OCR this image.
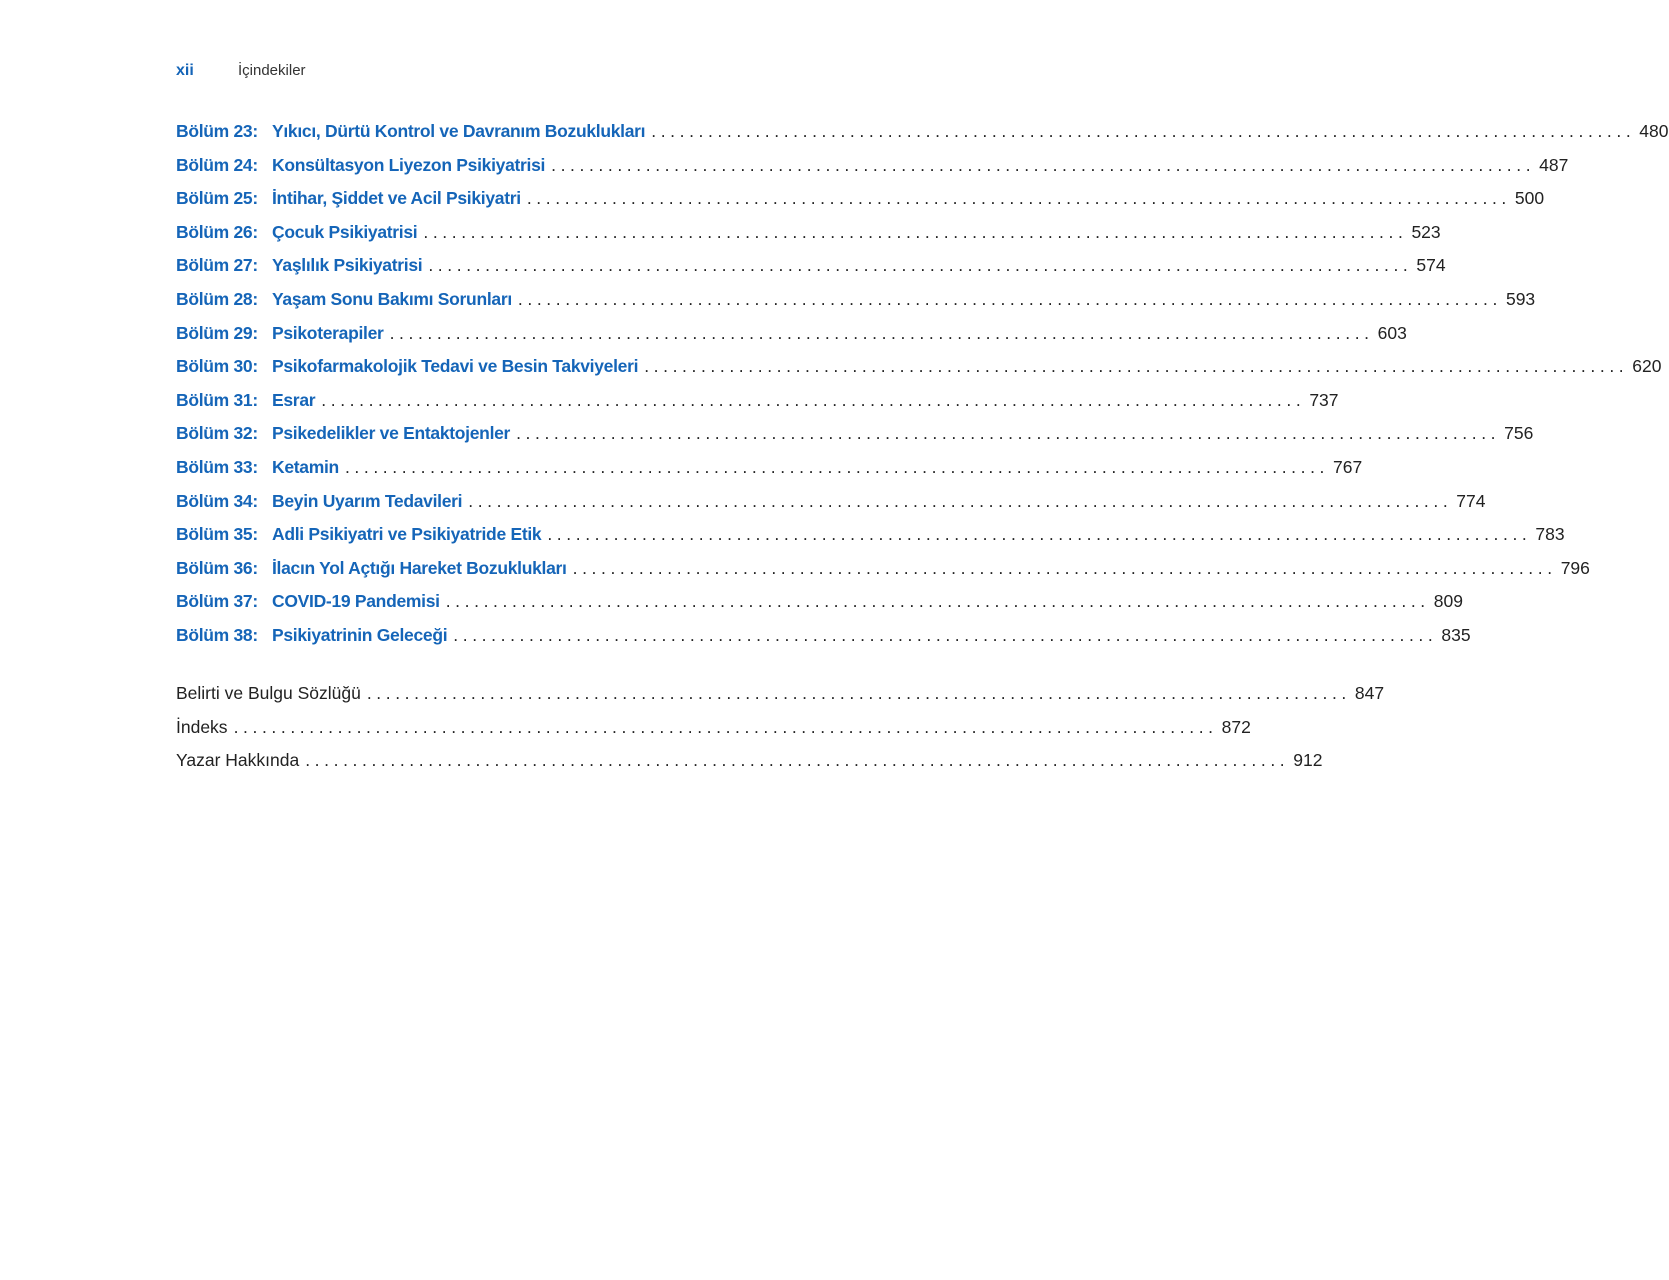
xii	İçindekiler
Bölüm 23: Yıkıcı, Dürtü Kontrol ve Davranım Bozuklukları ........................................................................................................ 480
Bölüm 24: Konsültasyon Liyezon Psikiyatrisi ........................................................................................................ 487
Bölüm 25: İntihar, Şiddet ve Acil Psikiyatri ........................................................................................................ 500
Bölüm 26: Çocuk Psikiyatrisi ........................................................................................................ 523
Bölüm 27: Yaşlılık Psikiyatrisi ........................................................................................................ 574
Bölüm 28: Yaşam Sonu Bakımı Sorunları ........................................................................................................ 593
Bölüm 29: Psikoterapiler ........................................................................................................ 603
Bölüm 30: Psikofarmakolojik Tedavi ve Besin Takviyeleri ........................................................................................................ 620
Bölüm 31: Esrar ........................................................................................................ 737
Bölüm 32: Psikedelikler ve Entaktojenler ........................................................................................................ 756
Bölüm 33: Ketamin ........................................................................................................ 767
Bölüm 34: Beyin Uyarım Tedavileri ........................................................................................................ 774
Bölüm 35: Adli Psikiyatri ve Psikiyatride Etik ........................................................................................................ 783
Bölüm 36: İlacın Yol Açtığı Hareket Bozuklukları ........................................................................................................ 796
Bölüm 37: COVID-19 Pandemisi ........................................................................................................ 809
Bölüm 38: Psikiyatrinin Geleceği ........................................................................................................ 835
Belirti ve Bulgu Sözlüğü ........................................................................................................ 847
İndeks ........................................................................................................ 872
Yazar Hakkında ........................................................................................................ 912
